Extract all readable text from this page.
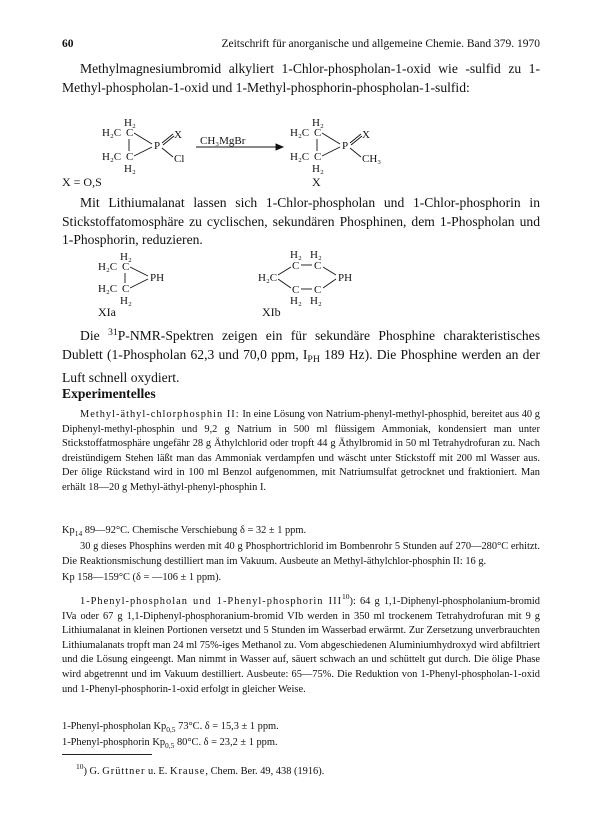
60	Zeitschrift für anorganische und allgemeine Chemie. Band 379. 1970

Methylmagnesiumbromid alkyliert 1-Chlor-phospholan-1-oxid wie -sulfid zu 1-Methyl-phospholan-1-oxid und 1-Methyl-phosphorin-phospholan-1-sulfid:

H₂
H₂C C
H₂C C
H₂
P
X
Cl
CH₃MgBr
H₂
H₂C C
H₂C C
H₂
P
X
CH₃
X = O,S	X

Mit Lithiumalanat lassen sich 1-Chlor-phospholan und 1-Chlor-phosphorin in Stickstoffatomosphäre zu cyclischen, sekundären Phosphinen, dem 1-Phospholan und 1-Phosphorin, reduzieren.

H₂
H₂C C
H₂C C
H₂
PH
XIa
H₂ H₂
C C
H₂C	PH
C C
H₂ H₂
XIb

Die $^{31}$P-NMR-Spektren zeigen ein für sekundäre Phosphine charakteristisches Dublett (1-Phospholan 62,3 und 70,0 ppm, $I_{PH}$ 189 Hz). Die Phosphine werden an der Luft schnell oxydiert.

Experimentelles

Methyl-äthyl-chlorphosphin II: In eine Lösung von Natrium-phenyl-methyl-phosphid, bereitet aus 40 g Diphenyl-methyl-phosphin und 9,2 g Natrium in 500 ml flüssigem Ammoniak, kondensiert man unter Stickstoffatmosphäre ungefähr 28 g Äthylchlorid oder tropft 44 g Äthylbromid in 50 ml Tetrahydrofuran zu. Nach dreistündigem Stehen läßt man das Ammoniak verdampfen und wäscht unter Stickstoff mit 200 ml Wasser aus. Der ölige Rückstand wird in 100 ml Benzol aufgenommen, mit Natriumsulfat getrocknet und fraktioniert. Man erhält 18—20 g Methyl-äthyl-phenyl-phosphin I.

$Kp_{14}$ 89—92°C. Chemische Verschiebung δ = 32 ± 1 ppm.

30 g dieses Phosphins werden mit 40 g Phosphortrichlorid im Bombenrohr 5 Stunden auf 270—280°C erhitzt. Die Reaktionsmischung destilliert man im Vakuum. Ausbeute an Methyl-äthylchlor-phosphin II: 16 g.

Kp 158—159°C (δ = —106 ± 1 ppm).

1-Phenyl-phospholan und 1-Phenyl-phosphorin III$^{10}$): 64 g 1,1-Diphenyl-phospholanium-bromid IVa oder 67 g 1,1-Diphenyl-phosphoranium-bromid VIb werden in 350 ml trockenem Tetrahydrofuran mit 9 g Lithiumalanat in kleinen Portionen versetzt und 5 Stunden im Wasserbad erwärmt. Zur Zersetzung unverbrauchten Lithiumalanats tropft man 24 ml 75%-iges Methanol zu. Vom abgeschiedenen Aluminiumhydroxyd wird abfiltriert und die Lösung eingeengt. Man nimmt in Wasser auf, säuert schwach an und schüttelt gut durch. Die ölige Phase wird abgetrennt und im Vakuum destilliert. Ausbeute: 65—75%. Die Reduktion von 1-Phenyl-phospholan-1-oxid und 1-Phenyl-phosphorin-1-oxid erfolgt in gleicher Weise.

1-Phenyl-phospholan $Kp_{0,5}$ 73°C. δ = 15,3 ± 1 ppm.

1-Phenyl-phosphorin $Kp_{0,5}$ 80°C. δ = 23,2 ± 1 ppm.

$^{10}$) G. Grüttner u. E. Krause, Chem. Ber. 49, 438 (1916).
